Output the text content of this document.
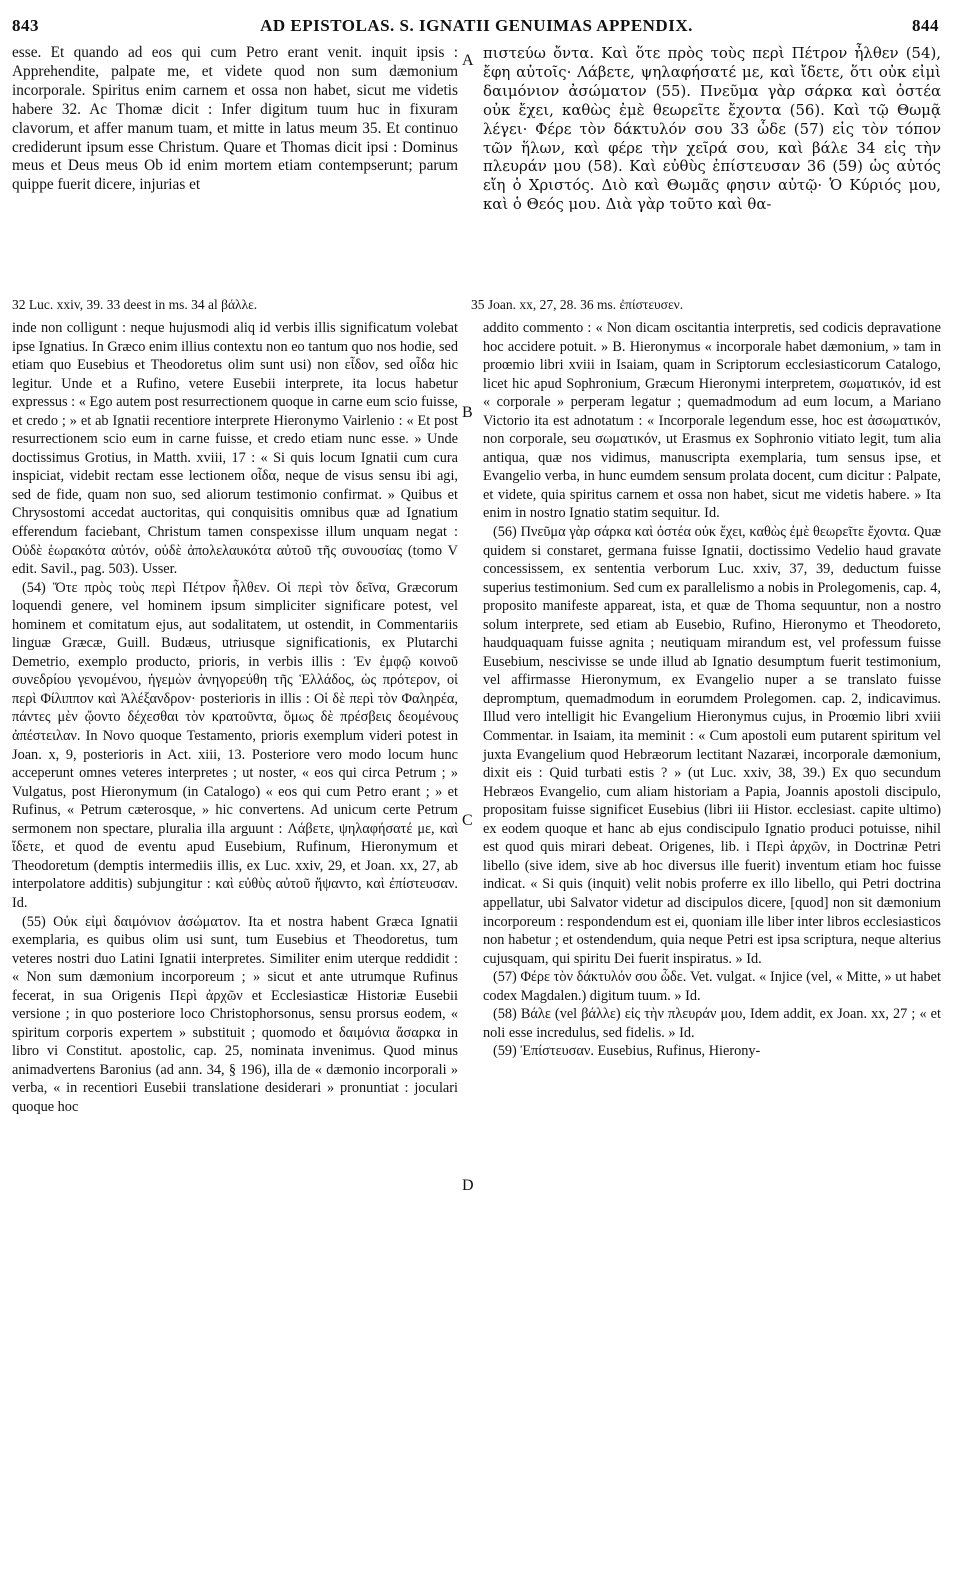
843	AD EPISTOLAS. S. IGNATII GENUIMAS APPENDIX.	844

esse. Et quando ad eos qui cum Petro erant venit. inquit ipsis : Apprehendite, palpate me, et videte quod non sum dæmonium incorporale. Spiritus enim carnem et ossa non habet, sicut me videtis habere 32. Ac Thomæ dicit : Infer digitum tuum huc in fixuram clavorum, et affer manum tuam, et mitte in latus meum 35. Et continuo crediderunt ipsum esse Christum. Quare et Thomas dicit ipsi : Dominus meus et Deus meus Ob id enim mortem etiam contempserunt; parum quippe fuerit dicere, injurias et

πιστεύω ὄντα. Καὶ ὅτε πρὸς τοὺς περὶ Πέτρον ἦλθεν (54), ἔφη αὐτοῖς· Λάβετε, ψηλαφήσατέ με, καὶ ἴδετε, ὅτι οὐκ εἰμὶ δαιμόνιον ἀσώματον (55). Πνεῦμα γὰρ σάρκα καὶ ὀστέα οὐκ ἔχει, καθὼς ἐμὲ θεωρεῖτε ἔχοντα (56). Καὶ τῷ Θωμᾷ λέγει· Φέρε τὸν δάκτυλόν σου 33 ὧδε (57) εἰς τὸν τόπον τῶν ἥλων, καὶ φέρε τὴν χεῖρά σου, καὶ βάλε 34 εἰς τὴν πλευράν μου (58). Καὶ εὐθὺς ἐπίστευσαν 36 (59) ὡς αὐτός εἴη ὁ Χριστός. Διὸ καὶ Θωμᾶς φησιν αὐτῷ· Ὁ Κύριός μου, καὶ ὁ Θεός μου. Διὰ γὰρ τοῦτο καὶ θα-

32 Luc. xxiv, 39. 33 deest in ms. 34 al βάλλε.	35 Joan. xx, 27, 28. 36 ms. ἐπίστευσεν.
A
B
C
D

inde non colligunt : neque hujusmodi aliq id verbis illis significatum volebat ipse Ignatius. In Græco enim illius contextu non eo tantum quo nos hodie, sed etiam quo Eusebius et Theodoretus olim sunt usi) non εἶδον, sed οἶδα hic legitur. Unde et a Rufino, vetere Eusebii interprete, ita locus habetur expressus : « Ego autem post resurrectionem quoque in carne eum scio fuisse, et credo ; » et ab Ignatii recentiore interprete Hieronymo Vairlenio : « Et post resurrectionem scio eum in carne fuisse, et credo etiam nunc esse. » Unde doctissimus Grotius, in Matth. xviii, 17 : « Si quis locum Ignatii cum cura inspiciat, videbit rectam esse lectionem οἶδα, neque de visus sensu ibi agi, sed de fide, quam non suo, sed aliorum testimonio confirmat. » Quibus et Chrysostomi accedat auctoritas, qui conquisitis omnibus quæ ad Ignatium efferendum faciebant, Christum tamen conspexisse illum unquam negat : Οὐδὲ ἑωρακότα αὐτόν, οὐδὲ ἀπολελαυκότα αὐτοῦ τῆς συνουσίας (tomo V edit. Savil., pag. 503). Usser.

(54) Ὅτε πρὸς τοὺς περὶ Πέτρον ἦλθεν. Οἱ περὶ τὸν δεῖνα, Græcorum loquendi genere, vel hominem ipsum simpliciter significare potest, vel hominem et comitatum ejus, aut sodalitatem, ut ostendit, in Commentariis linguæ Græcæ, Guill. Budæus, utriusque significationis, ex Plutarchi Demetrio, exemplo producto, prioris, in verbis illis : Ἐν ἐμφῷ κοινοῦ συνεδρίου γενομένου, ἡγεμὼν ἀνηγορεύθη τῆς Ἑλλάδος, ὡς πρότερον, οἱ περὶ Φίλιππον καὶ Ἀλέξανδρον· posterioris in illis : Οἱ δὲ περὶ τὸν Φαληρέα, πάντες μὲν ᾤοντο δέχεσθαι τὸν κρατοῦντα, ὅμως δὲ πρέσβεις δεομένους ἀπέστειλαν. In Novo quoque Testamento, prioris exemplum videri potest in Joan. x, 9, posterioris in Act. xiii, 13. Posteriore vero modo locum hunc acceperunt omnes veteres interpretes ; ut noster, « eos qui circa Petrum ; » Vulgatus, post Hieronymum (in Catalogo) « eos qui cum Petro erant ; » et Rufinus, « Petrum cæterosque, » hic convertens. Ad unicum certe Petrum sermonem non spectare, pluralia illa arguunt : Λάβετε, ψηλαφήσατέ με, καὶ ἴδετε, et quod de eventu apud Eusebium, Rufinum, Hieronymum et Theodoretum (demptis intermediis illis, ex Luc. xxiv, 29, et Joan. xx, 27, ab interpolatore additis) subjungitur : καὶ εὐθὺς αὐτοῦ ἥψαντο, καὶ ἐπίστευσαν. Id.

(55) Οὐκ εἰμὶ δαιμόνιον ἀσώματον. Ita et nostra habent Græca Ignatii exemplaria, es quibus olim usi sunt, tum Eusebius et Theodoretus, tum veteres nostri duo Latini Ignatii interpretes. Similiter enim uterque reddidit : « Non sum dæmonium incorporeum ; » sicut et ante utrumque Rufinus fecerat, in sua Origenis Περὶ ἀρχῶν et Ecclesiasticæ Historiæ Eusebii versione ; in quo posteriore loco Christophorsonus, sensu prorsus eodem, « spiritum corporis expertem » substituit ; quomodo et δαιμόνια ἄσαρκα in libro vi Constitut. apostolic, cap. 25, nominata invenimus. Quod minus animadvertens Baronius (ad ann. 34, § 196), illa de « dæmonio incorporali » verba, « in recentiori Eusebii translatione desiderari » pronuntiat : joculari quoque hoc

addito commento : « Non dicam oscitantia interpretis, sed codicis depravatione hoc accidere potuit. » B. Hieronymus « incorporale habet dæmonium, » tam in proœmio libri xviii in Isaiam, quam in Scriptorum ecclesiasticorum Catalogo, licet hic apud Sophronium, Græcum Hieronymi interpretem, σωματικόν, id est « corporale » perperam legatur ; quemadmodum ad eum locum, a Mariano Victorio ita est adnotatum : « Incorporale legendum esse, hoc est ἀσωματικόν, non corporale, seu σωματικόν, ut Erasmus ex Sophronio vitiato legit, tum alia antiqua, quæ nos vidimus, manuscripta exemplaria, tum sensus ipse, et Evangelio verba, in hunc eumdem sensum prolata docent, cum dicitur : Palpate, et videte, quia spiritus carnem et ossa non habet, sicut me videtis habere. » Ita enim in nostro Ignatio statim sequitur. Id.

(56) Πνεῦμα γὰρ σάρκα καὶ ὀστέα οὐκ ἔχει, καθὼς ἐμὲ θεωρεῖτε ἔχοντα. Quæ quidem si constaret, germana fuisse Ignatii, doctissimo Vedelio haud gravate concessissem, ex sententia verborum Luc. xxiv, 37, 39, deductum fuisse superius testimonium. Sed cum ex parallelismo a nobis in Prolegomenis, cap. 4, proposito manifeste appareat, ista, et quæ de Thoma sequuntur, non a nostro solum interprete, sed etiam ab Eusebio, Rufino, Hieronymo et Theodoreto, haudquaquam fuisse agnita ; neutiquam mirandum est, vel professum fuisse Eusebium, nescivisse se unde illud ab Ignatio desumptum fuerit testimonium, vel affirmasse Hieronymum, ex Evangelio nuper a se translato fuisse depromptum, quemadmodum in eorumdem Prolegomen. cap. 2, indicavimus. Illud vero intelligit hic Evangelium Hieronymus cujus, in Proœmio libri xviii Commentar. in Isaiam, ita meminit : « Cum apostoli eum putarent spiritum vel juxta Evangelium quod Hebræorum lectitant Nazaræi, incorporale dæmonium, dixit eis : Quid turbati estis ? » (ut Luc. xxiv, 38, 39.) Ex quo secundum Hebræos Evangelio, cum aliam historiam a Papia, Joannis apostoli discipulo, propositam fuisse significet Eusebius (libri iii Histor. ecclesiast. capite ultimo) ex eodem quoque et hanc ab ejus condiscipulo Ignatio produci potuisse, nihil est quod quis mirari debeat. Origenes, lib. i Περὶ ἀρχῶν, in Doctrinæ Petri libello (sive idem, sive ab hoc diversus ille fuerit) inventum etiam hoc fuisse indicat. « Si quis (inquit) velit nobis proferre ex illo libello, qui Petri doctrina appellatur, ubi Salvator videtur ad discipulos dicere, [quod] non sit dæmonium incorporeum : respondendum est ei, quoniam ille liber inter libros ecclesiasticos non habetur ; et ostendendum, quia neque Petri est ipsa scriptura, neque alterius cujusquam, qui spiritu Dei fuerit inspiratus. » Id.

(57) Φέρε τὸν δάκτυλόν σου ὧδε. Vet. vulgat. « Injice (vel, « Mitte, » ut habet codex Magdalen.) digitum tuum. » Id.

(58) Βάλε (vel βάλλε) εἰς τὴν πλευράν μου, Idem addit, ex Joan. xx, 27 ; « et noli esse incredulus, sed fidelis. » Id.

(59) Ἐπίστευσαν. Eusebius, Rufinus, Hierony-
